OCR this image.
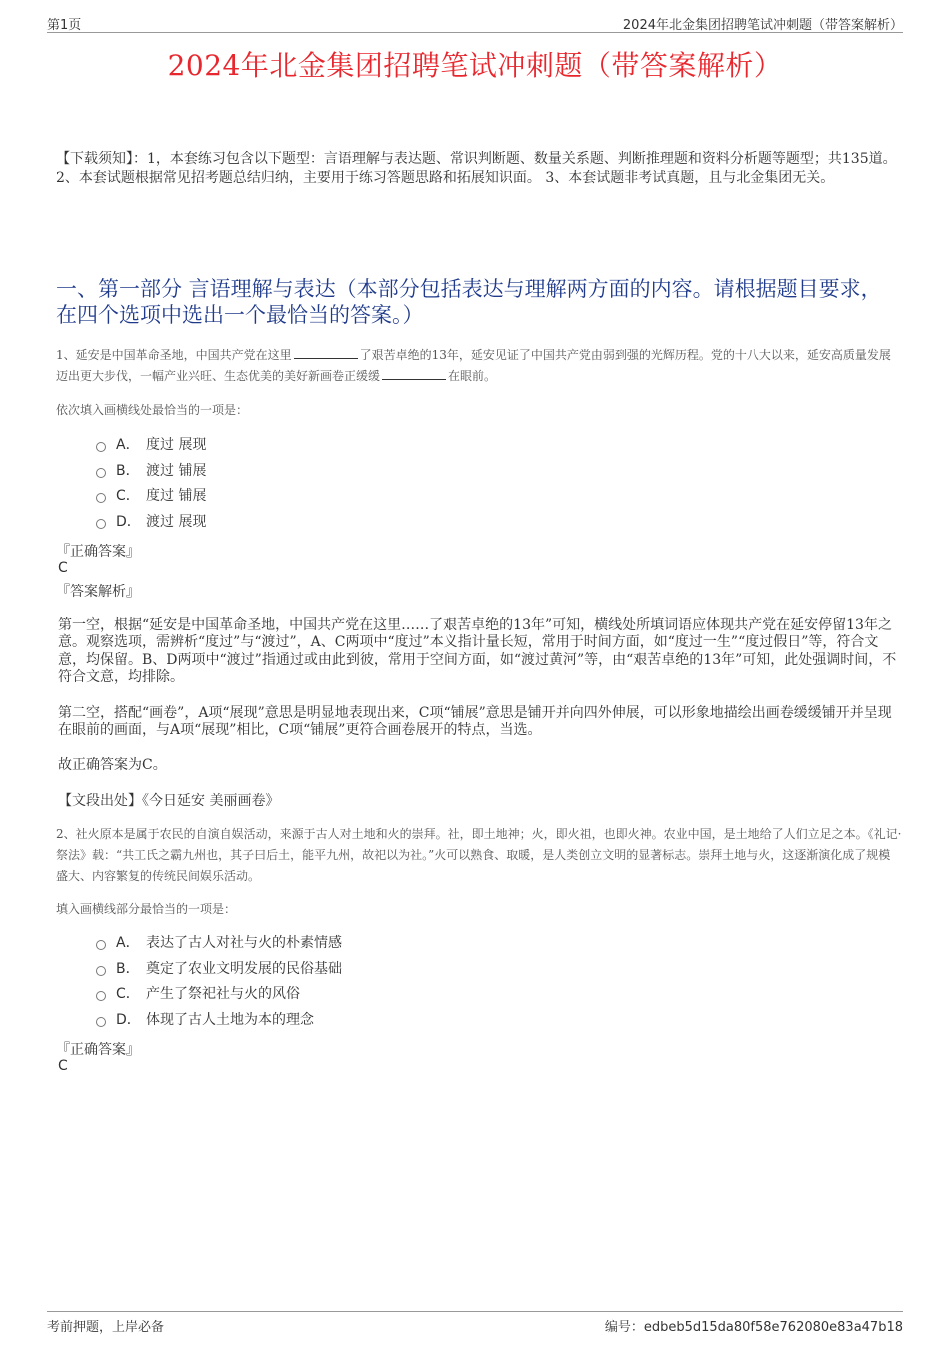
第1页	2024年北金集团招聘笔试冲刺题（带答案解析）
2024年北金集团招聘笔试冲刺题（带答案解析）
【下载须知】：1，本套练习包含以下题型：言语理解与表达题、常识判断题、数量关系题、判断推理题和资料分析题等题型；共135道。 2、本套试题根据常见招考题总结归纳，主要用于练习答题思路和拓展知识面。 3、本套试题非考试真题，且与北金集团无关。
一、第一部分 言语理解与表达（本部分包括表达与理解两方面的内容。请根据题目要求，在四个选项中选出一个最恰当的答案。）
1、延安是中国革命圣地，中国共产党在这里	了艰苦卓绝的13年，延安见证了中国共产党由弱到强的光辉历程。党的十八大以来，延安高质量发展迈出更大步伐，一幅产业兴旺、生态优美的美好新画卷正缓缓	在眼前。
依次填入画横线处最恰当的一项是：
A． 度过 展现
B． 渡过 铺展
C． 度过 铺展
D． 渡过 展现
『正确答案』
C
『答案解析』

第一空，根据“延安是中国革命圣地，中国共产党在这里……了艰苦卓绝的13年”可知，横线处所填词语应体现共产党在延安停留13年之意。观察选项，需辨析“度过”与“渡过”，A、C两项中“度过”本义指计量长短，常用于时间方面，如“度过一生”“度过假日”等，符合文意，均保留。B、D两项中“渡过”指通过或由此到彼，常用于空间方面，如“渡过黄河”等，由“艰苦卓绝的13年”可知，此处强调时间，不符合文意，均排除。

第二空，搭配“画卷”，A项“展现”意思是明显地表现出来，C项“铺展”意思是铺开并向四外伸展，可以形象地描绘出画卷缓缓铺开并呈现在眼前的画面，与A项“展现”相比，C项“铺展”更符合画卷展开的特点，当选。

故正确答案为C。

【文段出处】《今日延安 美丽画卷》
2、社火原本是属于农民的自演自娱活动，来源于古人对土地和火的崇拜。社，即土地神；火，即火祖，也即火神。农业中国，是土地给了人们立足之本。《礼记·祭法》载：“共工氏之霸九州也，其子曰后土，能平九州，故祀以为社。”火可以熟食、取暖，是人类创立文明的显著标志。崇拜土地与火，这逐渐演化成了规模盛大、内容繁复的传统民间娱乐活动。
填入画横线部分最恰当的一项是：
A． 表达了古人对社与火的朴素情感
B． 奠定了农业文明发展的民俗基础
C． 产生了祭祀社与火的风俗
D． 体现了古人土地为本的理念
『正确答案』
C
考前押题，上岸必备	编号：edbeb5d15da80f58e762080e83a47b18
